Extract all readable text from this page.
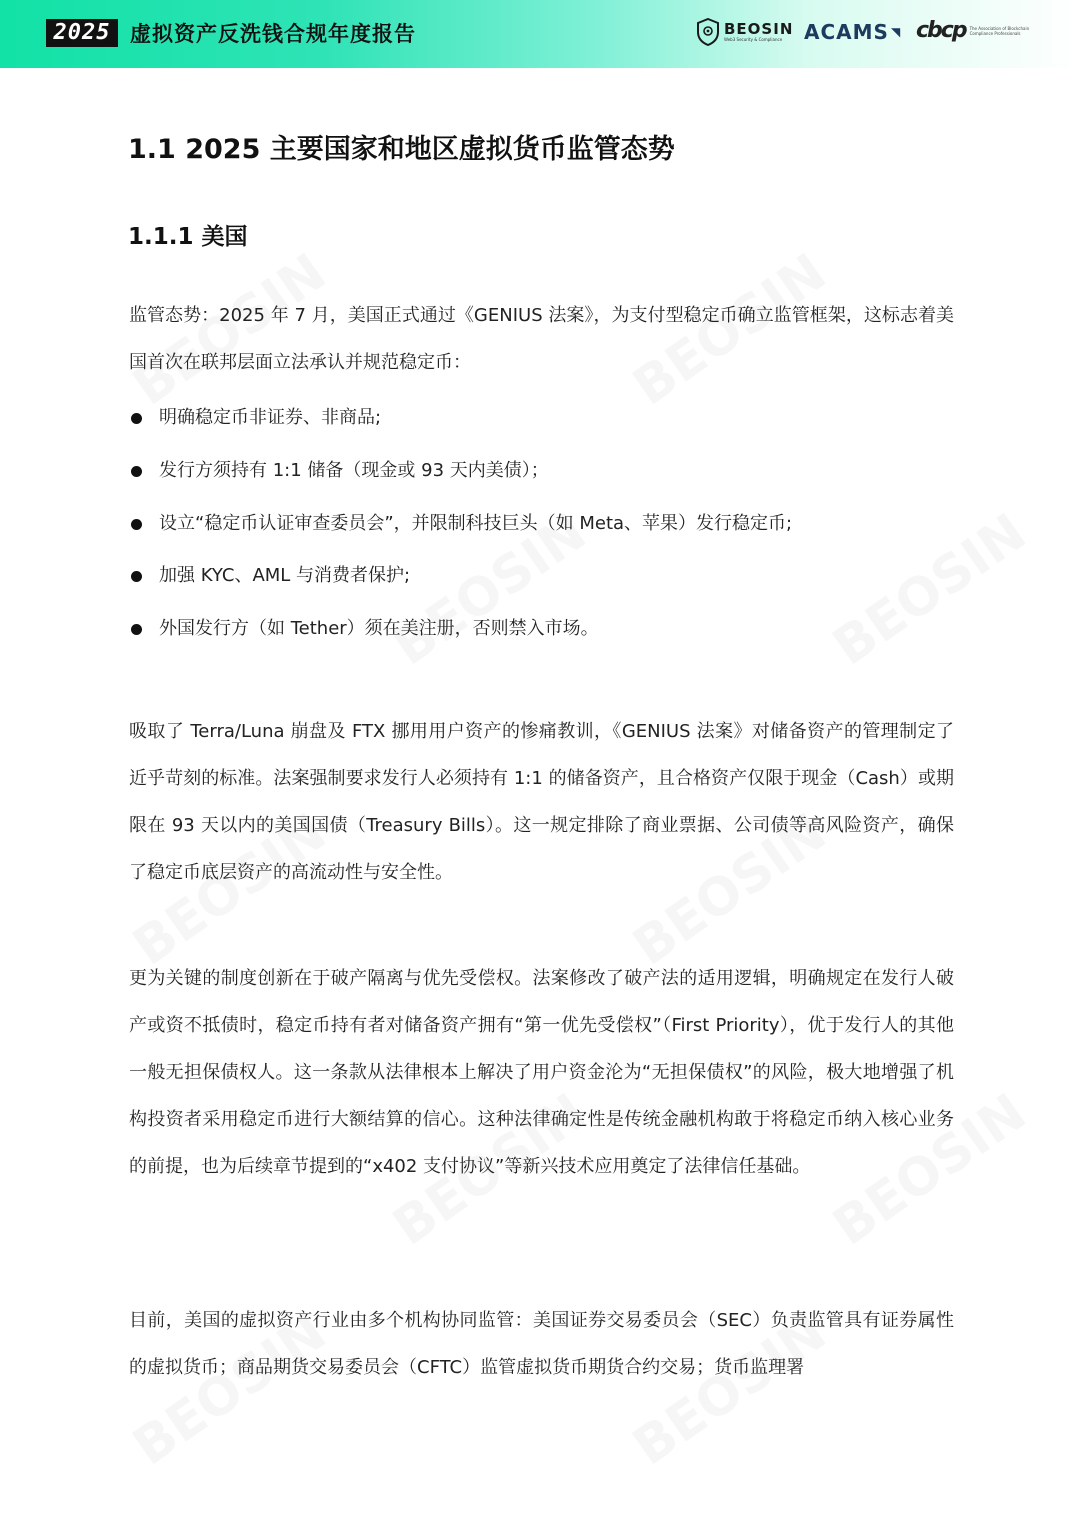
2025 虚拟资产反洗钱合规年度报告	BEOSIN
Web3 Security & Compliance	ACAMS ◥ cbcp The Association of Blockchain Compliance Professionals
1.1 2025 主要国家和地区虚拟货币监管态势
1.1.1 美国
监管态势：2025 年 7 月，美国正式通过《GENIUS 法案》，为支付型稳定币确立监管框架，这标志着美国首次在联邦层面立法承认并规范稳定币：
明确稳定币非证券、非商品;
发行方须持有 1:1 储备（现金或 93 天内美债）；
设立“稳定币认证审查委员会”，并限制科技巨头（如 Meta、苹果）发行稳定币;
加强 KYC、AML 与消费者保护;
外国发行方（如 Tether）须在美注册，否则禁入市场。
吸取了 Terra/Luna 崩盘及 FTX 挪用用户资产的惨痛教训，《GENIUS 法案》对储备资产的管理制定了近乎苛刻的标准。法案强制要求发行人必须持有 1:1 的储备资产，且合格资产仅限于现金（Cash）或期限在 93 天以内的美国国债（Treasury Bills）。这一规定排除了商业票据、公司债等高风险资产，确保了稳定币底层资产的高流动性与安全性。
更为关键的制度创新在于破产隔离与优先受偿权。法案修改了破产法的适用逻辑，明确规定在发行人破产或资不抵债时，稳定币持有者对储备资产拥有“第一优先受偿权”（First Priority），优于发行人的其他一般无担保债权人。这一条款从法律根本上解决了用户资金沦为“无担保债权”的风险，极大地增强了机构投资者采用稳定币进行大额结算的信心。这种法律确定性是传统金融机构敢于将稳定币纳入核心业务的前提，也为后续章节提到的“x402 支付协议”等新兴技术应用奠定了法律信任基础。
目前，美国的虚拟资产行业由多个机构协同监管：美国证券交易委员会（SEC）负责监管具有证券属性的虚拟货币；商品期货交易委员会（CFTC）监管虚拟货币期货合约交易；货币监理署
